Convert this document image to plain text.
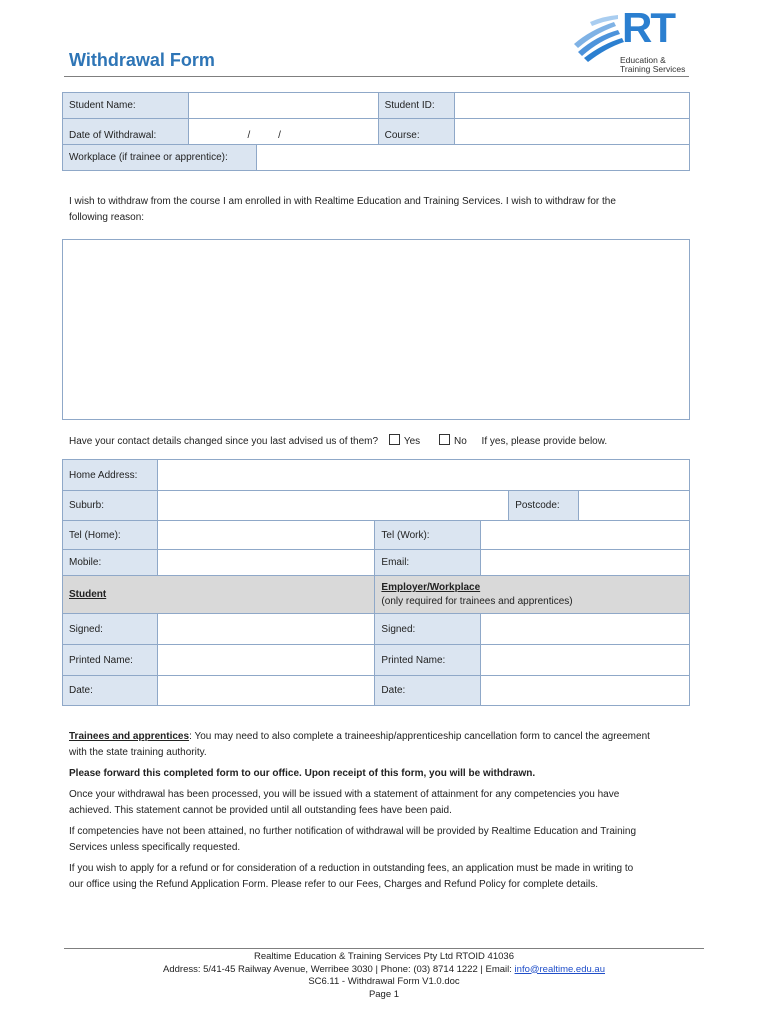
Withdrawal Form
RT
Education &
Training Services
Student Name:		Student ID:	
Date of Withdrawal:	/          /	Course:	
Workplace (if trainee or apprentice):	
I wish to withdraw from the course I am enrolled in with Realtime Education and Training Services. I wish to withdraw for the
following reason:
Have your contact details changed since you last advised us of them?	Yes	No If yes, please provide below.
Home Address:					
Suburb:				Postcode:	
Tel (Home):		Tel (Work):			
Mobile:		Email:			
Student		Employer/Workplace
(only required for trainees and apprentices)			

Signed:		Signed:			
Printed Name:		Printed Name:			
Date:		Date:			
Trainees and apprentices: You may need to also complete a traineeship/apprenticeship cancellation form to cancel the agreement
with the state training authority.
Please forward this completed form to our office. Upon receipt of this form, you will be withdrawn.
Once your withdrawal has been processed, you will be issued with a statement of attainment for any competencies you have
achieved. This statement cannot be provided until all outstanding fees have been paid.
If competencies have not been attained, no further notification of withdrawal will be provided by Realtime Education and Training
Services unless specifically requested.
If you wish to apply for a refund or for consideration of a reduction in outstanding fees, an application must be made in writing to
our office using the Refund Application Form. Please refer to our Fees, Charges and Refund Policy for complete details.
Realtime Education & Training Services Pty Ltd RTOID 41036
Address: 5/41-45 Railway Avenue, Werribee 3030 | Phone: (03) 8714 1222 | Email: info@realtime.edu.au
SC6.11 - Withdrawal Form V1.0.doc
Page 1
